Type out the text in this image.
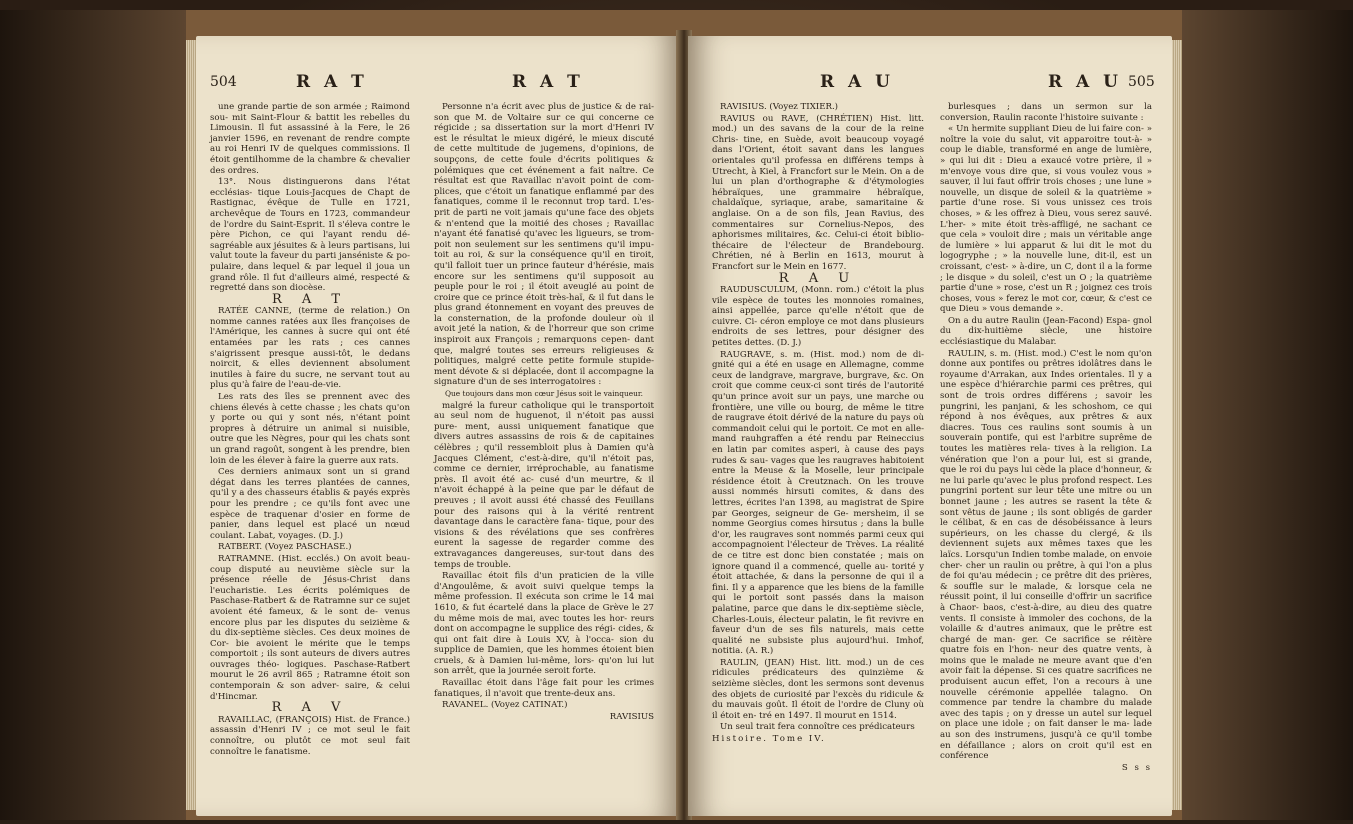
504	R A T	R A T

une grande partie de son armée ; Raimond sou- mit Saint-Flour & battit les rebelles du Limousin. Il fut assassiné à la Fere, le 26 janvier 1596, en revenant de rendre compte au roi Henri IV de quelques commissions. Il étoit gentilhomme de la chambre & chevalier des ordres.

13°. Nous distinguerons dans l'état ecclésias- tique Louis-Jacques de Chapt de Rastignac, évêque de Tulle en 1721, archevêque de Tours en 1723, commandeur de l'ordre du Saint-Esprit. Il s'éleva contre le père Pichon, ce qui l'ayant rendu dé- sagréable aux jésuites & à leurs partisans, lui valut toute la faveur du parti janséniste & po- pulaire, dans lequel & par lequel il joua un grand rôle. Il fut d'ailleurs aimé, respecté & regretté dans son diocèse.

R A T

RATÉE CANNE, (terme de relation.) On nomme cannes ratées aux îles françoises de l'Amérique, les cannes à sucre qui ont été entamées par les rats ; ces cannes s'aigrissent presque aussi-tôt, le dedans noircit, & elles deviennent absolument inutiles à faire du sucre, ne servant tout au plus qu'à faire de l'eau-de-vie.

Les rats des îles se prennent avec des chiens élevés à cette chasse ; les chats qu'on y porte ou qui y sont nés, n'étant point propres à détruire un animal si nuisible, outre que les Nègres, pour qui les chats sont un grand ragoût, songent à les prendre, bien loin de les élever à faire la guerre aux rats.

Ces derniers animaux sont un si grand dégat dans les terres plantées de cannes, qu'il y a des chasseurs établis & payés exprès pour les prendre ; ce qu'ils font avec une espèce de traquenar d'osier en forme de panier, dans lequel est placé un nœud coulant. Labat, voyages. (D. J.)

RATBERT. (Voyez PASCHASE.)

RATRAMNE. (Hist. ecclés.) On avoit beau- coup disputé au neuvième siècle sur la présence réelle de Jésus-Christ dans l'eucharistie. Les écrits polémiques de Paschase-Ratbert & de Ratramne sur ce sujet avoient été fameux, & le sont de- venus encore plus par les disputes du seizième & du dix-septième siècles. Ces deux moines de Cor- bie avoient le mérite que le temps comportoit ; ils sont auteurs de divers autres ouvrages théo- logiques. Paschase-Ratbert mourut le 26 avril 865 ; Ratramne étoit son contemporain & son adver- saire, & celui d'Hincmar.

R A V

RAVAILLAC, (FRANÇOIS) Hist. de France.) assassin d'Henri IV ; ce mot seul le fait connoître, ou plutôt ce mot seul fait connoître le fanatisme.

Personne n'a écrit avec plus de justice & de rai- son que M. de Voltaire sur ce qui concerne ce régicide ; sa dissertation sur la mort d'Henri IV est le résultat le mieux digéré, le mieux discuté de cette multitude de jugemens, d'opinions, de soupçons, de cette foule d'écrits politiques & polémiques que cet événement a fait naître. Ce résultat est que Ravaillac n'avoit point de com- plices, que c'étoit un fanatique enflammé par des fanatiques, comme il le reconnut trop tard. L'es- prit de parti ne voit jamais qu'une face des objets & n'entend que la moitié des choses ; Ravaillac n'ayant été fanatisé qu'avec les ligueurs, se trom- poit non seulement sur les sentimens qu'il impu- toit au roi, & sur la conséquence qu'il en tiroit, qu'il falloit tuer un prince fauteur d'hérésie, mais encore sur les sentimens qu'il supposoit au peuple pour le roi ; il étoit aveuglé au point de croire que ce prince étoit très-haï, & il fut dans le plus grand étonnement en voyant des preuves de la consternation, de la profonde douleur où il avoit jeté la nation, & de l'horreur que son crime inspiroit aux François ; remarquons cepen- dant que, malgré toutes ses erreurs religieuses & politiques, malgré cette petite formule stupide- ment dévote & si déplacée, dont il accompagne la signature d'un de ses interrogatoires :

Que toujours dans mon cœur Jésus soit le vainqueur.

malgré la fureur catholique qui le transportoit au seul nom de huguenot, il n'étoit pas aussi pure- ment, aussi uniquement fanatique que divers autres assassins de rois & de capitaines célèbres ; qu'il ressembloit plus à Damien qu'à Jacques Clément, c'est-à-dire, qu'il n'étoit pas, comme ce dernier, irréprochable, au fanatisme près. Il avoit été ac- cusé d'un meurtre, & il n'avoit échappé à la peine que par le défaut de preuves ; il avoit aussi été chassé des Feuillans pour des raisons qui à la vérité rentrent davantage dans le caractère fana- tique, pour des visions & des révélations que ses confrères eurent la sagesse de regarder comme des extravagances dangereuses, sur-tout dans des temps de trouble.

Ravaillac étoit fils d'un praticien de la ville d'Angoulême, & avoit suivi quelque temps la même profession. Il exécuta son crime le 14 mai 1610, & fut écartelé dans la place de Grève le 27 du même mois de mai, avec toutes les hor- reurs dont on accompagne le supplice des régi- cides, & qui ont fait dire à Louis XV, à l'occa- sion du supplice de Damien, que les hommes étoient bien cruels, & à Damien lui-même, lors- qu'on lui lut son arrêt, que la journée seroit forte.

Ravaillac étoit dans l'âge fait pour les crimes fanatiques, il n'avoit que trente-deux ans.

RAVANEL. (Voyez CATINAT.)

RAVISIUS

R A U	R A U 505

RAVISIUS. (Voyez TIXIER.)

RAVIUS ou RAVE, (CHRÉTIEN) Hist. litt. mod.) un des savans de la cour de la reine Chris- tine, en Suède, avoit beaucoup voyagé dans l'Orient, étoit savant dans les langues orientales qu'il professa en différens temps à Utrecht, à Kiel, à Francfort sur le Mein. On a de lui un plan d'orthographe & d'étymologies hébraïques, une grammaire hébraïque, chaldaïque, syriaque, arabe, samaritaine & anglaise. On a de son fils, Jean Ravius, des commentaires sur Cornelius-Nepos, des aphorismes militaires, &c. Celui-ci étoit biblio- thécaire de l'électeur de Brandebourg. Chrétien, né à Berlin en 1613, mourut à Francfort sur le Mein en 1677.

R A U

RAUDUSCULUM, (Monn. rom.) c'étoit la plus vile espèce de toutes les monnoies romaines, ainsi appellée, parce qu'elle n'étoit que de cuivre. Ci- céron employe ce mot dans plusieurs endroits de ses lettres, pour désigner des petites dettes. (D. J.)

RAUGRAVE, s. m. (Hist. mod.) nom de di- gnité qui a été en usage en Allemagne, comme ceux de landgrave, margrave, burgrave, &c. On croit que comme ceux-ci sont tirés de l'autorité qu'un prince avoit sur un pays, une marche ou frontière, une ville ou bourg, de même le titre de raugrave étoit dérivé de la nature du pays où commandoit celui qui le portoit. Ce mot en alle- mand rauhgraffen a été rendu par Reineccius en latin par comites asperi, à cause des pays rudes & sau- vages que les raugraves habitoient entre la Meuse & la Moselle, leur principale résidence étoit à Creutznach. On les trouve aussi nommés hirsuti comites, & dans des lettres, écrites l'an 1398, au magistrat de Spire par Georges, seigneur de Ge- mersheim, il se nomme Georgius comes hirsutus ; dans la bulle d'or, les raugraves sont nommés parmi ceux qui accompagnoient l'électeur de Trèves. La réalité de ce titre est donc bien constatée ; mais on ignore quand il a commencé, quelle au- torité y étoit attachée, & dans la personne de qui il a fini. Il y a apparence que les biens de la famille qui le portoit sont passés dans la maison palatine, parce que dans le dix-septième siècle, Charles-Louis, électeur palatin, le fit revivre en faveur d'un de ses fils naturels, mais cette qualité ne subsiste plus aujourd'hui. Imhof, notitia. (A. R.)

RAULIN, (JEAN) Hist. litt. mod.) un de ces ridicules prédicateurs des quinzième & seizième siècles, dont les sermons sont devenus des objets de curiosité par l'excès du ridicule & du mauvais goût. Il étoit de l'ordre de Cluny où il étoit en- tré en 1497. Il mourut en 1514.

Un seul trait fera connoître ces prédicateurs

Histoire. Tome IV.

burlesques ; dans un sermon sur la conversion, Raulin raconte l'histoire suivante :

« Un hermite suppliant Dieu de lui faire con- » noître la voie du salut, vit apparoitre tout-à- » coup le diable, transformé en ange de lumière, » qui lui dit : Dieu a exaucé votre prière, il » m'envoye vous dire que, si vous voulez vous » sauver, il lui faut offrir trois choses ; une lune » nouvelle, un disque de soleil & la quatrième » partie d'une rose. Si vous unissez ces trois choses, » & les offrez à Dieu, vous serez sauvé. L'her- » mite étoit très-affligé, ne sachant ce que cela » vouloit dire ; mais un véritable ange de lumière » lui apparut & lui dit le mot du logogryphe ; » la nouvelle lune, dit-il, est un croissant, c'est- » à-dire, un C, dont il a la forme ; le disque » du soleil, c'est un O ; la quatrième partie d'une » rose, c'est un R ; joignez ces trois choses, vous » ferez le mot cor, cœur, & c'est ce que Dieu » vous demande ».

On a du autre Raulin (Jean-Facond) Espa- gnol du dix-huitième siècle, une histoire ecclésiastique du Malabar.

RAULIN, s. m. (Hist. mod.) C'est le nom qu'on donne aux pontifes ou prêtres idolâtres dans le royaume d'Arrakan, aux Indes orientales. Il y a une espèce d'hiérarchie parmi ces prêtres, qui sont de trois ordres différens ; savoir les pungrini, les panjani, & les schoshom, ce qui répond à nos évêques, aux prêtres & aux diacres. Tous ces raulins sont soumis à un souverain pontife, qui est l'arbitre suprême de toutes les matières rela- tives à la religion. La vénération que l'on a pour lui, est si grande, que le roi du pays lui cède la place d'honneur, & ne lui parle qu'avec le plus profond respect. Les pungrini portent sur leur tête une mitre ou un bonnet jaune ; les autres se rasent la tête & sont vêtus de jaune ; ils sont obligés de garder le célibat, & en cas de désobéissance à leurs supérieurs, on les chasse du clergé, & ils deviennent sujets aux mêmes taxes que les laïcs. Lorsqu'un Indien tombe malade, on envoie cher- cher un raulin ou prêtre, à qui l'on a plus de foi qu'au médecin ; ce prêtre dit des prières, & souffle sur le malade, & lorsque cela ne réussit point, il lui conseille d'offrir un sacrifice à Chaor- baos, c'est-à-dire, au dieu des quatre vents. Il consiste à immoler des cochons, de la volaille & d'autres animaux, que le prêtre est chargé de man- ger. Ce sacrifice se réitère quatre fois en l'hon- neur des quatre vents, à moins que le malade ne meure avant que d'en avoir fait la dépense. Si ces quatre sacrifices ne produisent aucun effet, l'on a recours à une nouvelle cérémonie appellée talagno. On commence par tendre la chambre du malade avec des tapis ; on y dresse un autel sur lequel on place une idole ; on fait danser le ma- lade au son des instrumens, jusqu'à ce qu'il tombe en défaillance ; alors on croit qu'il est en conférence

S s s
